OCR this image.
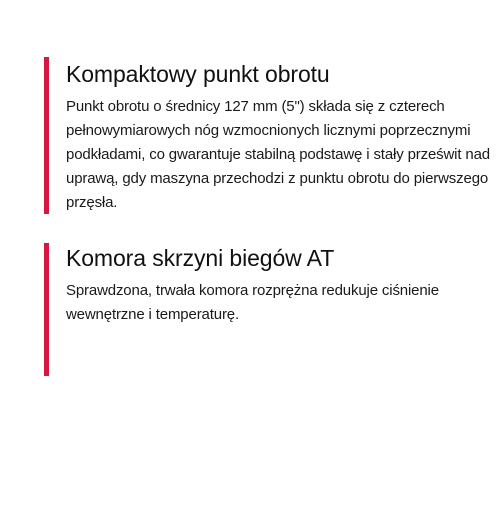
Kompaktowy punkt obrotu

Punkt obrotu o średnicy 127 mm (5") składa się z czterech pełnowymiarowych nóg wzmocnionych licznymi poprzecznymi podkładami, co gwarantuje stabilną podstawę i stały prześwit nad uprawą, gdy maszyna przechodzi z punktu obrotu do pierwszego przęsła.

Komora skrzyni biegów AT

Sprawdzona, trwała komora rozprężna redukuje ciśnienie wewnętrzne i temperaturę.
